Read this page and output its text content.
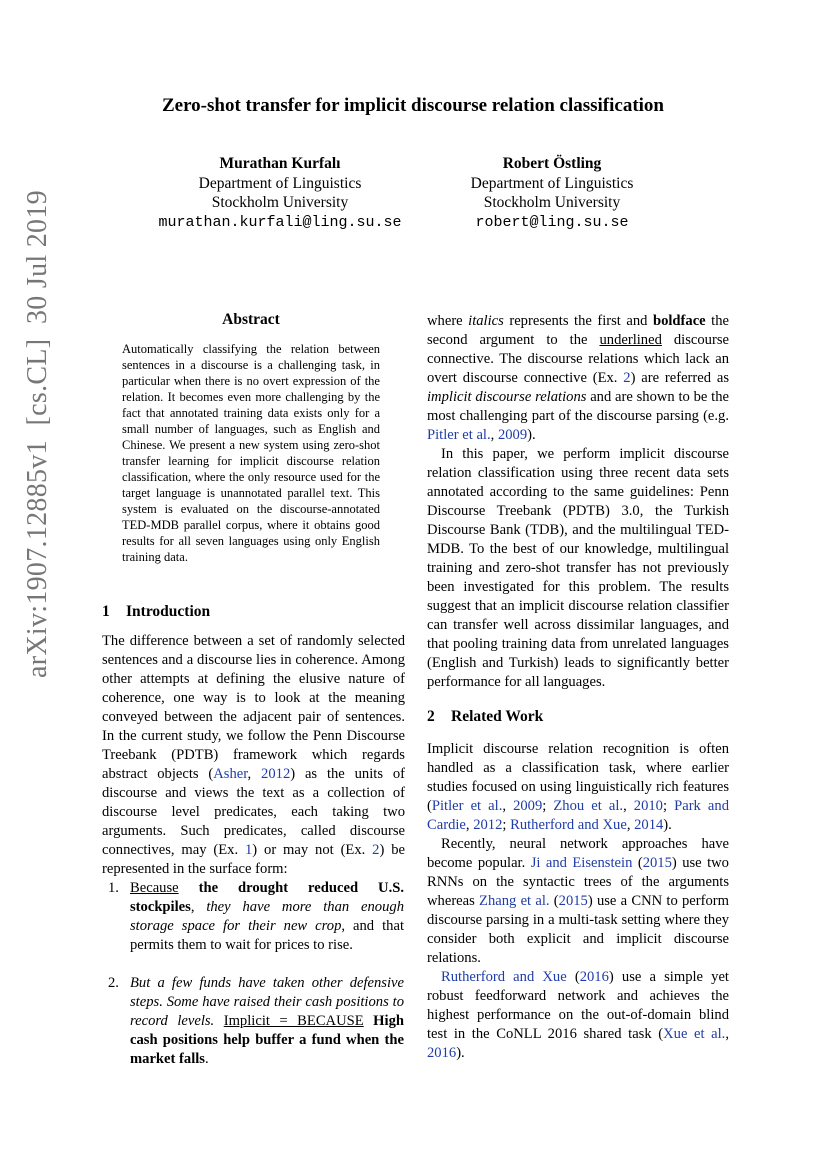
Zero-shot transfer for implicit discourse relation classification
Murathan Kurfalı
Department of Linguistics
Stockholm University
murathan.kurfali@ling.su.se
Robert Östling
Department of Linguistics
Stockholm University
robert@ling.su.se
arXiv:1907.12885v1  [cs.CL]  30 Jul 2019	Abstract
Automatically classifying the relation between sentences in a discourse is a challenging task, in particular when there is no overt expression of the relation. It becomes even more challenging by the fact that annotated training data exists only for a small number of languages, such as English and Chinese. We present a new system using zero-shot transfer learning for implicit discourse relation classification, where the only resource used for the target language is unannotated parallel text. This system is evaluated on the discourse-annotated TED-MDB parallel corpus, where it obtains good results for all seven languages using only English training data.
1 Introduction

The difference between a set of randomly selected sentences and a discourse lies in coherence. Among other attempts at defining the elusive nature of coherence, one way is to look at the meaning conveyed between the adjacent pair of sentences. In the current study, we follow the Penn Discourse Treebank (PDTB) framework which regards abstract objects (Asher, 2012) as the units of discourse and views the text as a collection of discourse level predicates, each taking two arguments. Such predicates, called discourse connectives, may (Ex. 1) or may not (Ex. 2) be represented in the surface form:

1. Because the drought reduced U.S. stockpiles, they have more than enough storage space for their new crop, and that permits them to wait for prices to rise.
2. But a few funds have taken other defensive steps. Some have raised their cash positions to record levels. Implicit = BECAUSE High cash positions help buffer a fund when the market falls.

where italics represents the first and boldface the second argument to the underlined discourse connective. The discourse relations which lack an overt discourse connective (Ex. 2) are referred as implicit discourse relations and are shown to be the most challenging part of the discourse parsing (e.g. Pitler et al., 2009).

In this paper, we perform implicit discourse relation classification using three recent data sets annotated according to the same guidelines: Penn Discourse Treebank (PDTB) 3.0, the Turkish Discourse Bank (TDB), and the multilingual TED-MDB. To the best of our knowledge, multilingual training and zero-shot transfer has not previously been investigated for this problem. The results suggest that an implicit discourse relation classifier can transfer well across dissimilar languages, and that pooling training data from unrelated languages (English and Turkish) leads to significantly better performance for all languages.

2 Related Work

Implicit discourse relation recognition is often handled as a classification task, where earlier studies focused on using linguistically rich features (Pitler et al., 2009; Zhou et al., 2010; Park and Cardie, 2012; Rutherford and Xue, 2014).

Recently, neural network approaches have become popular. Ji and Eisenstein (2015) use two RNNs on the syntactic trees of the arguments whereas Zhang et al. (2015) use a CNN to perform discourse parsing in a multi-task setting where they consider both explicit and implicit discourse relations.

Rutherford and Xue (2016) use a simple yet robust feedforward network and achieves the highest performance on the out-of-domain blind test in the CoNLL 2016 shared task (Xue et al., 2016).
